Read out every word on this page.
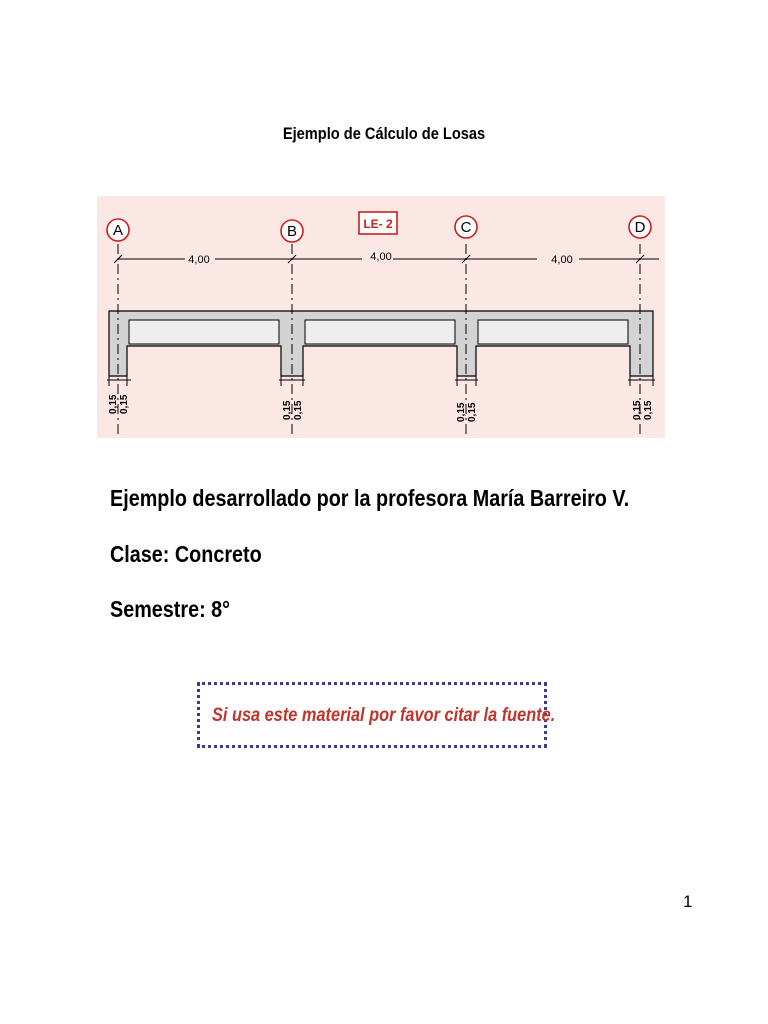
Ejemplo de Cálculo de Losas
A	B	C	D
LE- 2
4,00	4,00	4,00
0,15 0,15	0,15 0,15	0,15 0,15	0,15 0,15
Ejemplo desarrollado por la profesora María Barreiro V.
Clase: Concreto
Semestre: 8°
Si usa este material por favor citar la fuente.
1
